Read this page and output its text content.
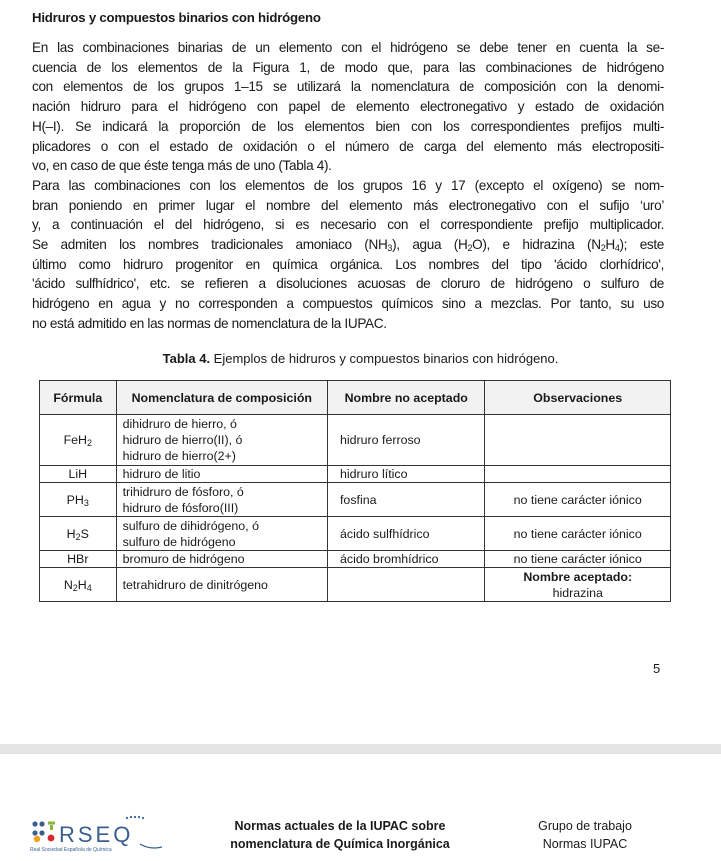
Hidruros y compuestos binarios con hidrógeno

En las combinaciones binarias de un elemento con el hidrógeno se debe tener en cuenta la se-
cuencia de los elementos de la Figura 1, de modo que, para las combinaciones de hidrógeno
con elementos de los grupos 1–15 se utilizará la nomenclatura de composición con la denomi-
nación hidruro para el hidrógeno con papel de elemento electronegativo y estado de oxidación
H(–I). Se indicará la proporción de los elementos bien con los correspondientes prefijos multi-
plicadores o con el estado de oxidación o el número de carga del elemento más electropositi-
vo, en caso de que éste tenga más de uno (Tabla 4).

Para las combinaciones con los elementos de los grupos 16 y 17 (excepto el oxígeno) se nom-
bran poniendo en primer lugar el nombre del elemento más electronegativo con el sufijo ‘uro’
y, a continuación el del hidrógeno, si es necesario con el correspondiente prefijo multiplicador.

Se admiten los nombres tradicionales amoniaco $(NH_3)$, agua $(H_2O)$, e hidrazina $(N_2H_4)$; este
último como hidruro progenitor en química orgánica. Los nombres del tipo 'ácido clorhídrico',
'ácido sulfhídrico', etc. se refieren a disoluciones acuosas de cloruro de hidrógeno o sulfuro de
hidrógeno en agua y no corresponden a compuestos químicos sino a mezclas. Por tanto, su uso
no está admitido en las normas de nomenclatura de la IUPAC.

Tabla 4. Ejemplos de hidruros y compuestos binarios con hidrógeno.
Fórmula	Nomenclatura de composición	Nombre no aceptado	Observaciones
FeH$_2$	dihidruro de hierro, ó
hidruro de hierro(II), ó
hidruro de hierro(2+)	hidruro ferroso	
LiH	hidruro de litio	hidruro lítico	
$PH_3$	trihidruro de fósforo, ó
hidruro de fósforo(III)	fosfina	no tiene carácter iónico
$H_2S$	sulfuro de dihidrógeno, ó
sulfuro de hidrógeno	ácido sulfhídrico	no tiene carácter iónico
HBr	bromuro de hidrógeno	ácido bromhídrico	no tiene carácter iónico
$N_2H_4$	tetrahidruro de dinitrógeno		Nombre aceptado:
hidrazina
5
RSEQ
Real Sociedad Española de Química
Normas actuales de la IUPAC sobre
nomenclatura de Química Inorgánica
Grupo de trabajo
Normas IUPAC
